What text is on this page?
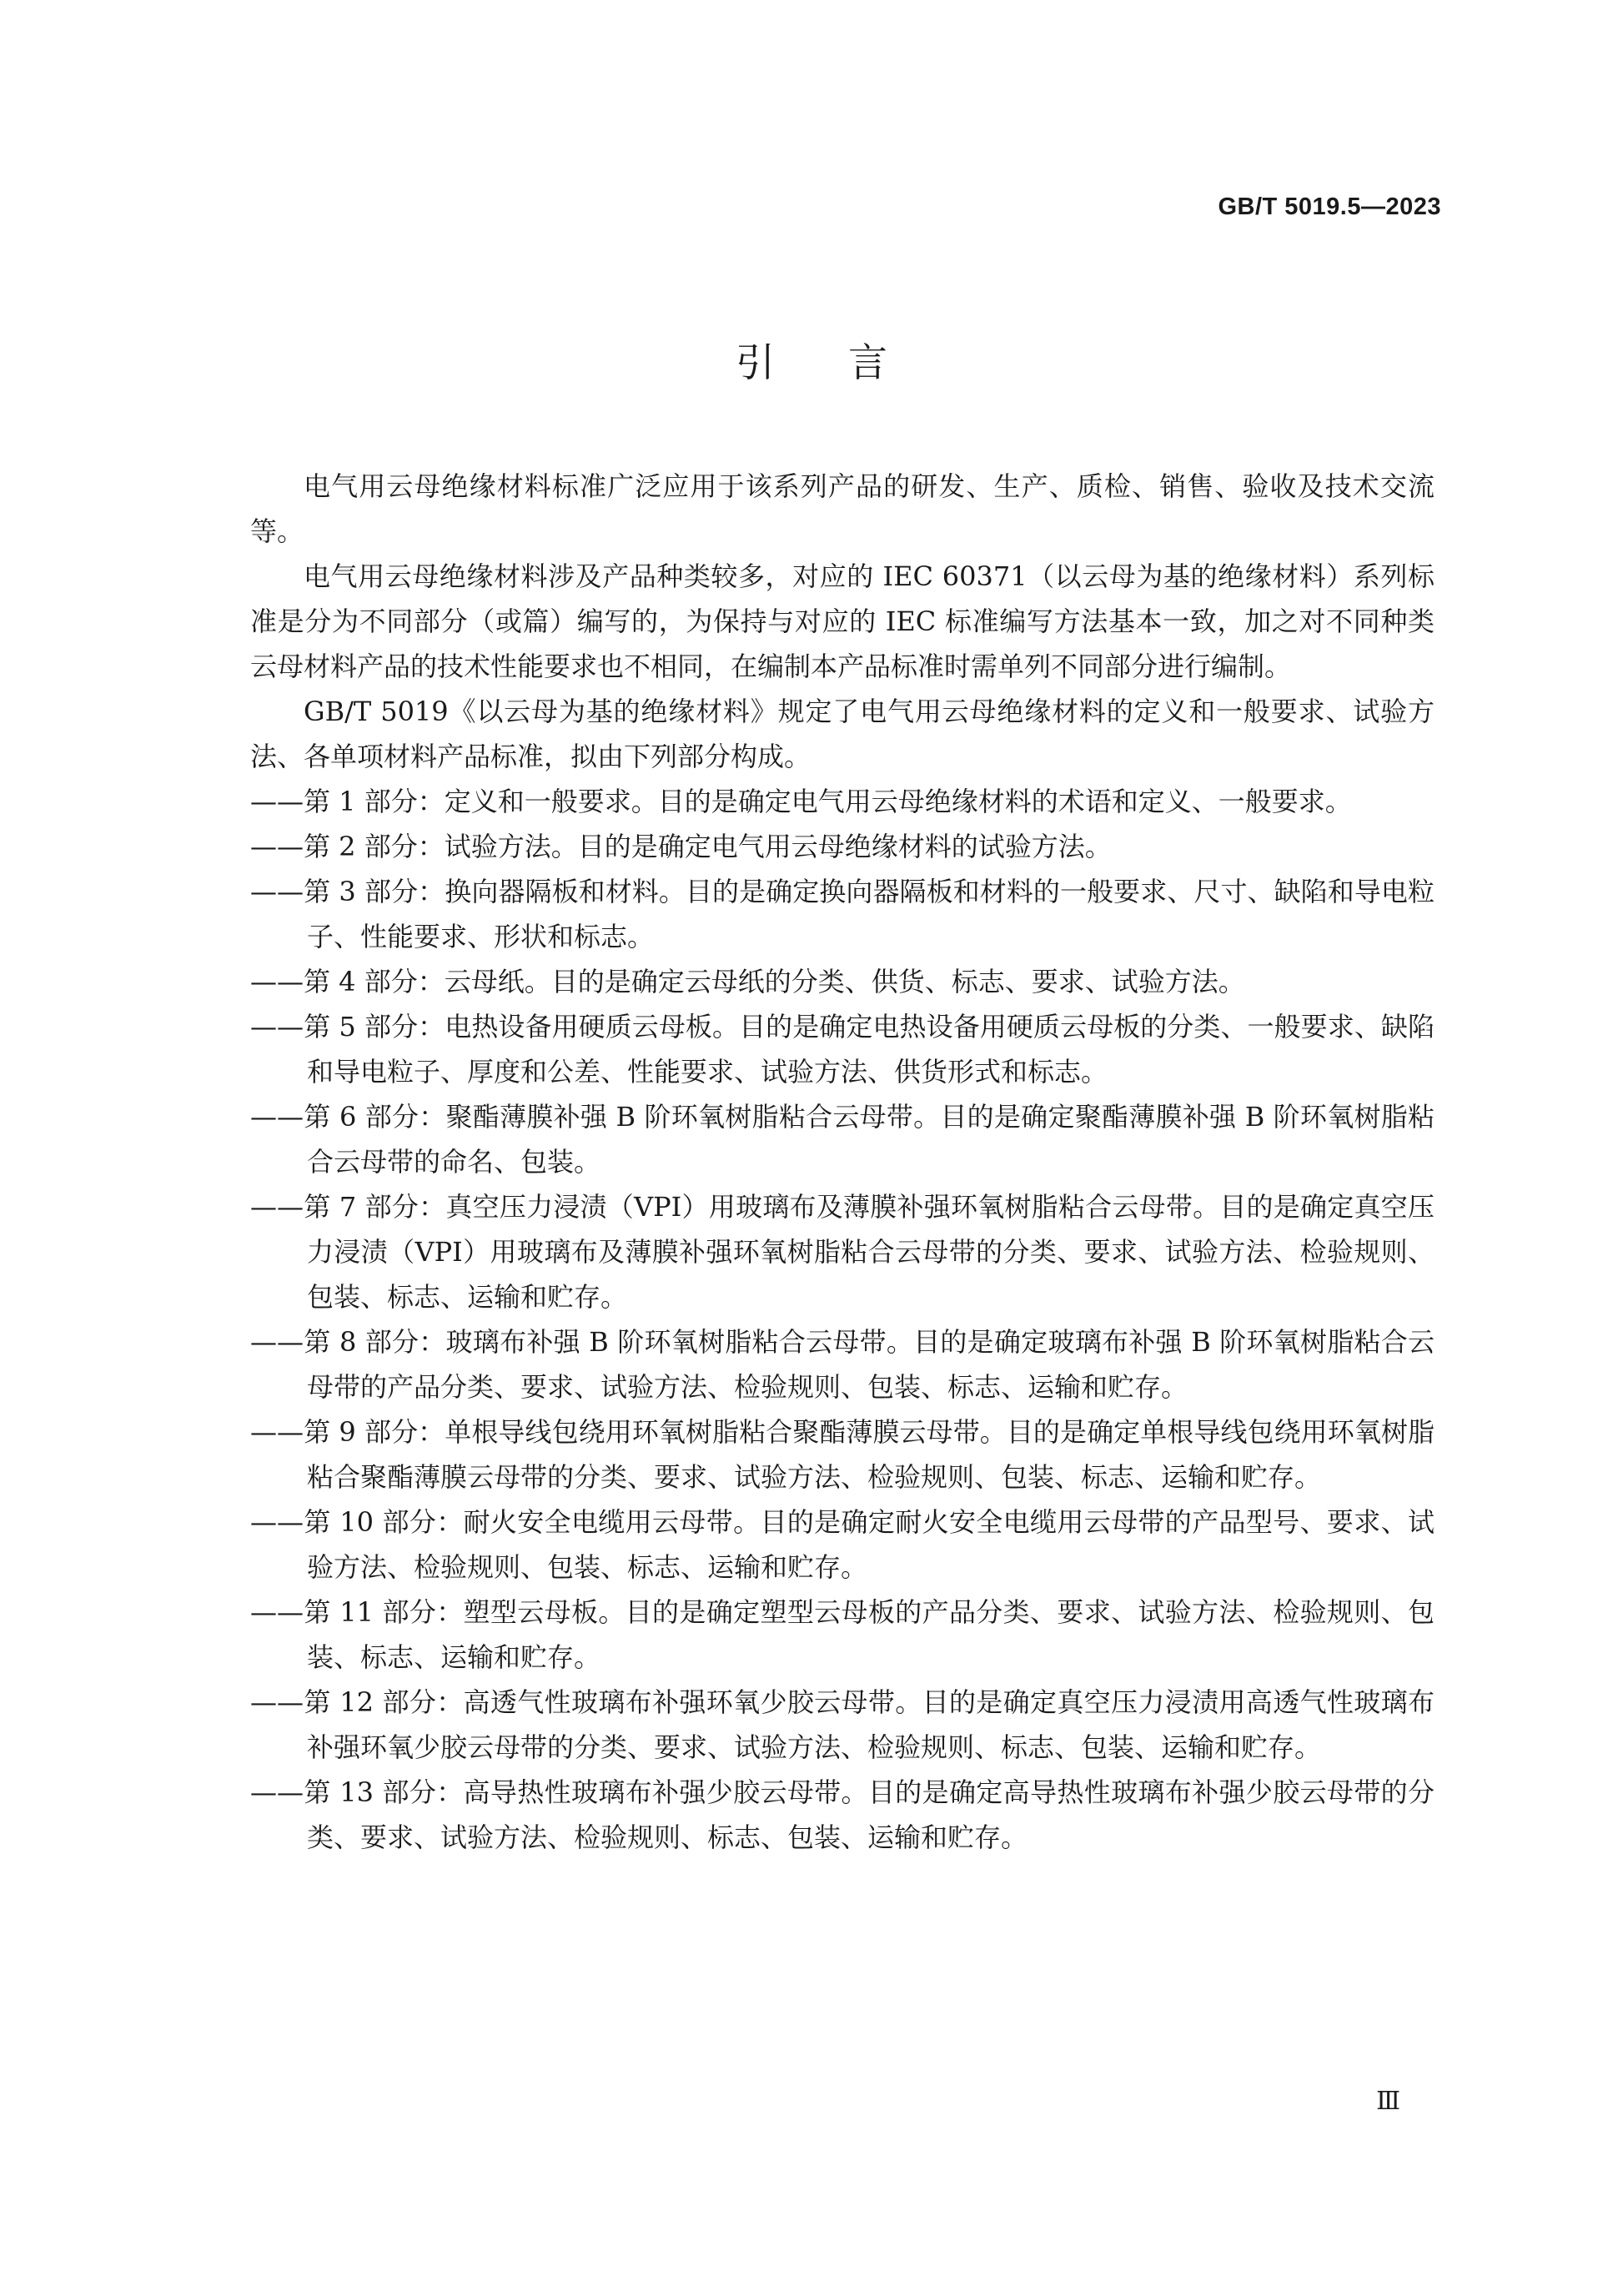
GB/T 5019.5—2023
引言

电气用云母绝缘材料标准广泛应用于该系列产品的研发、生产、质检、销售、验收及技术交流等。

电气用云母绝缘材料涉及产品种类较多，对应的 IEC 60371（以云母为基的绝缘材料）系列标准是分为不同部分（或篇）编写的，为保持与对应的 IEC 标准编写方法基本一致，加之对不同种类云母材料产品的技术性能要求也不相同，在编制本产品标准时需单列不同部分进行编制。

GB/T 5019《以云母为基的绝缘材料》规定了电气用云母绝缘材料的定义和一般要求、试验方法、各单项材料产品标准，拟由下列部分构成。

——第 1 部分：定义和一般要求。目的是确定电气用云母绝缘材料的术语和定义、一般要求。
——第 2 部分：试验方法。目的是确定电气用云母绝缘材料的试验方法。
——第 3 部分：换向器隔板和材料。目的是确定换向器隔板和材料的一般要求、尺寸、缺陷和导电粒子、性能要求、形状和标志。
——第 4 部分：云母纸。目的是确定云母纸的分类、供货、标志、要求、试验方法。
——第 5 部分：电热设备用硬质云母板。目的是确定电热设备用硬质云母板的分类、一般要求、缺陷和导电粒子、厚度和公差、性能要求、试验方法、供货形式和标志。
——第 6 部分：聚酯薄膜补强 B 阶环氧树脂粘合云母带。目的是确定聚酯薄膜补强 B 阶环氧树脂粘合云母带的命名、包装。
——第 7 部分：真空压力浸渍（VPI）用玻璃布及薄膜补强环氧树脂粘合云母带。目的是确定真空压力浸渍（VPI）用玻璃布及薄膜补强环氧树脂粘合云母带的分类、要求、试验方法、检验规则、包装、标志、运输和贮存。
——第 8 部分：玻璃布补强 B 阶环氧树脂粘合云母带。目的是确定玻璃布补强 B 阶环氧树脂粘合云母带的产品分类、要求、试验方法、检验规则、包装、标志、运输和贮存。
——第 9 部分：单根导线包绕用环氧树脂粘合聚酯薄膜云母带。目的是确定单根导线包绕用环氧树脂粘合聚酯薄膜云母带的分类、要求、试验方法、检验规则、包装、标志、运输和贮存。
——第 10 部分：耐火安全电缆用云母带。目的是确定耐火安全电缆用云母带的产品型号、要求、试验方法、检验规则、包装、标志、运输和贮存。
——第 11 部分：塑型云母板。目的是确定塑型云母板的产品分类、要求、试验方法、检验规则、包装、标志、运输和贮存。
——第 12 部分：高透气性玻璃布补强环氧少胶云母带。目的是确定真空压力浸渍用高透气性玻璃布补强环氧少胶云母带的分类、要求、试验方法、检验规则、标志、包装、运输和贮存。
——第 13 部分：高导热性玻璃布补强少胶云母带。目的是确定高导热性玻璃布补强少胶云母带的分类、要求、试验方法、检验规则、标志、包装、运输和贮存。
Ⅲ
